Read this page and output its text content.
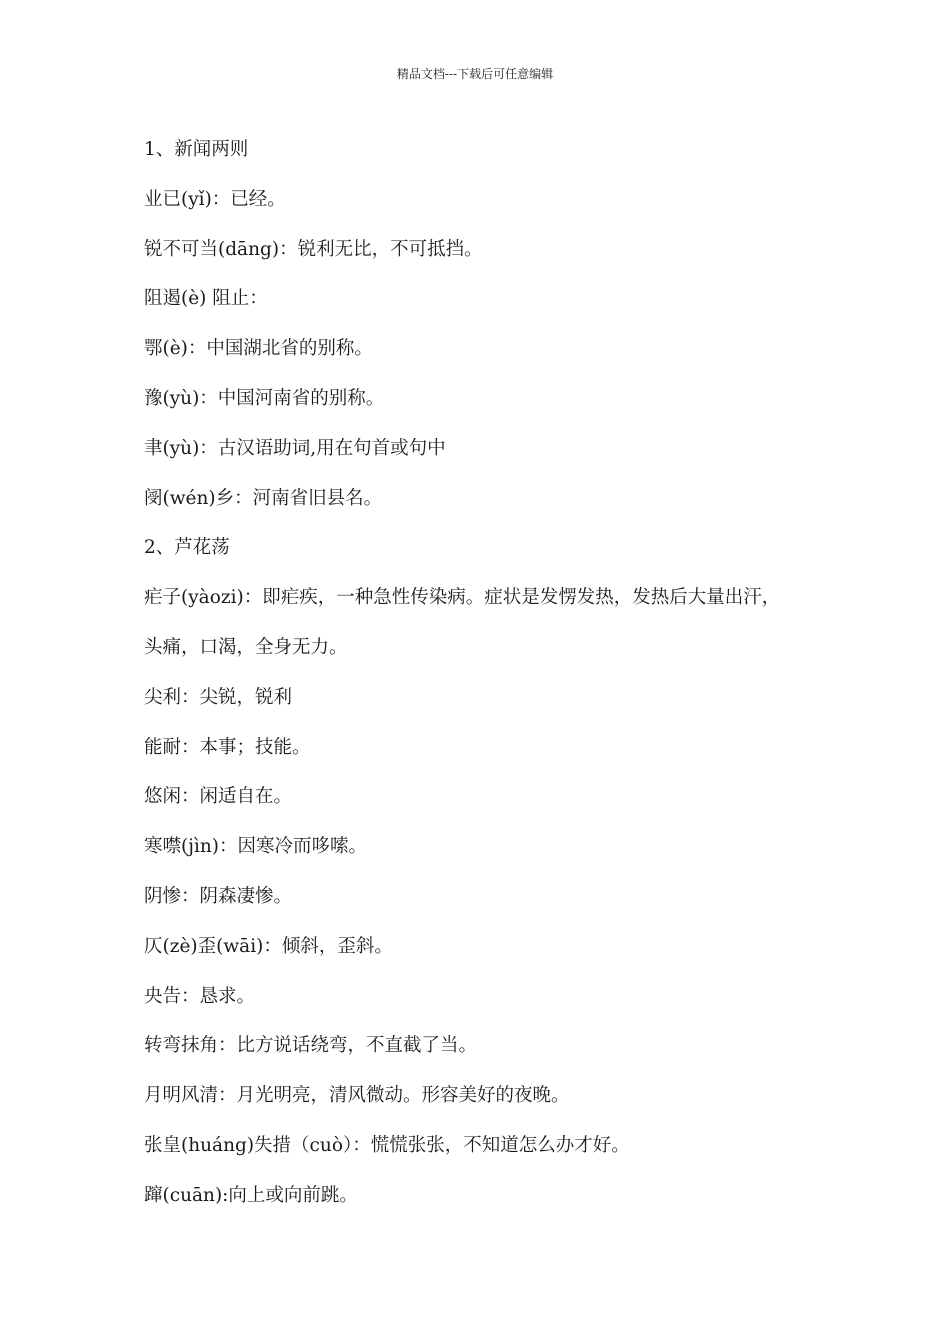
精品文档---下载后可任意编辑
1、新闻两则
业已(yǐ)：已经。
锐不可当(dāng)：锐利无比，不可抵挡。
阻遏(è) 阻止：
鄂(è)：中国湖北省的别称。
豫(yù)：中国河南省的别称。
聿(yù)：古汉语助词,用在句首或句中
阌(wén)乡：河南省旧县名。
2、芦花荡
疟子(yàozi)：即疟疾，一种急性传染病。症状是发愣发热，发热后大量出汗，
头痛，口渴，全身无力。
尖利：尖锐，锐利
能耐：本事；技能。
悠闲：闲适自在。
寒噤(jìn)：因寒冷而哆嗦。
阴惨：阴森凄惨。
仄(zè)歪(wāi)：倾斜，歪斜。
央告：恳求。
转弯抹角：比方说话绕弯，不直截了当。
月明风清：月光明亮，清风微动。形容美好的夜晚。
张皇(huáng)失措（cuò）：慌慌张张，不知道怎么办才好。
蹿(cuān):向上或向前跳。
